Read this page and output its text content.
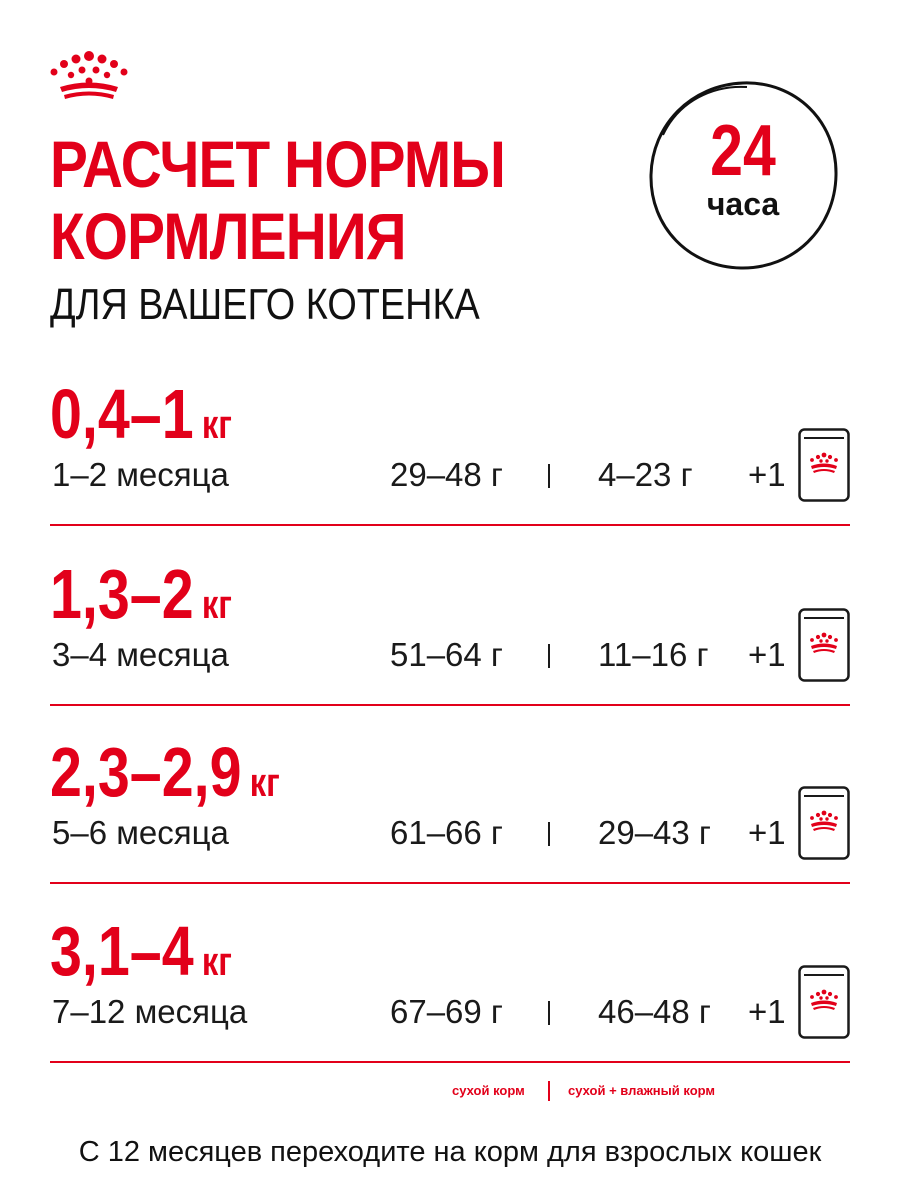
РАСЧЕТ НОРМЫ
КОРМЛЕНИЯ
ДЛЯ ВАШЕГО КОТЕНКА
24
часа
0,4–1 кг
1–2 месяца	29–48 г	4–23 г +1
1,3–2 кг
3–4 месяца	51–64 г	11–16 г +1
2,3–2,9 кг
5–6 месяца	61–66 г	29–43 г +1
3,1–4 кг
7–12 месяца	67–69 г	46–48 г +1
сухой корм	сухой + влажный корм
С 12 месяцев переходите на корм для взрослых кошек
